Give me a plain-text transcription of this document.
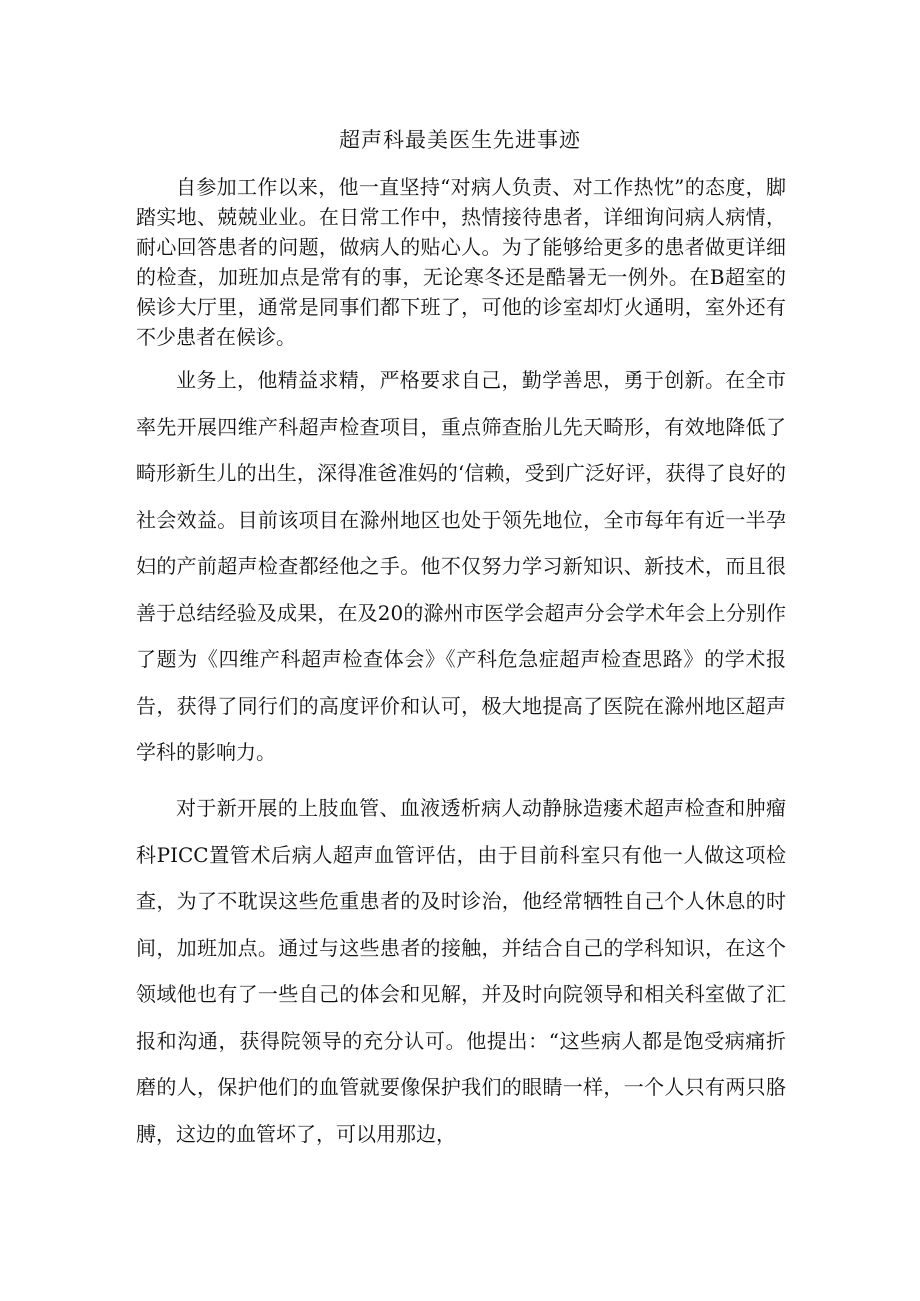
超声科最美医生先进事迹

自参加工作以来，他一直坚持“对病人负责、对工作热忱”的态度，脚踏实地、兢兢业业。在日常工作中，热情接待患者，详细询问病人病情，耐心回答患者的问题，做病人的贴心人。为了能够给更多的患者做更详细的检查，加班加点是常有的事，无论寒冬还是酷暑无一例外。在B超室的候诊大厅里，通常是同事们都下班了，可他的诊室却灯火通明，室外还有不少患者在候诊。

业务上，他精益求精，严格要求自己，勤学善思，勇于创新。在全市率先开展四维产科超声检查项目，重点筛查胎儿先天畸形，有效地降低了畸形新生儿的出生，深得准爸准妈的‘信赖，受到广泛好评，获得了良好的社会效益。目前该项目在滁州地区也处于领先地位，全市每年有近一半孕妇的产前超声检查都经他之手。他不仅努力学习新知识、新技术，而且很善于总结经验及成果，在及20的滁州市医学会超声分会学术年会上分别作了题为《四维产科超声检查体会》《产科危急症超声检查思路》的学术报告，获得了同行们的高度评价和认可，极大地提高了医院在滁州地区超声学科的影响力。

对于新开展的上肢血管、血液透析病人动静脉造瘘术超声检查和肿瘤科PICC置管术后病人超声血管评估，由于目前科室只有他一人做这项检查，为了不耽误这些危重患者的及时诊治，他经常牺牲自己个人休息的时间，加班加点。通过与这些患者的接触，并结合自己的学科知识，在这个领域他也有了一些自己的体会和见解，并及时向院领导和相关科室做了汇报和沟通，获得院领导的充分认可。他提出：“这些病人都是饱受病痛折磨的人，保护他们的血管就要像保护我们的眼睛一样，一个人只有两只胳膊，这边的血管坏了，可以用那边，
